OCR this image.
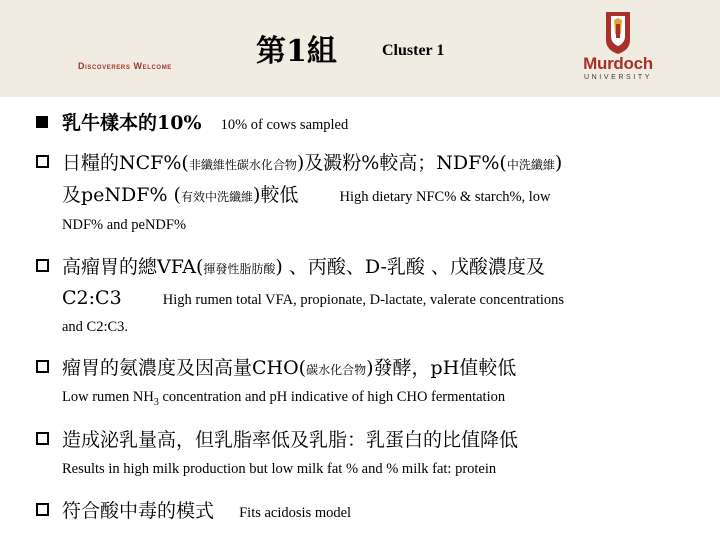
Discoverers Welcome	第1組	Cluster 1
Murdoch
UNIVERSITY
乳牛樣本的10% 10% of cows sampled
日糧的NCF%(非纖維性碳水化合物)及澱粉%較高；NDF%(中洗纖維)
及peNDF% (有效中洗纖維)較低	High dietary NFC% & starch%, low
NDF% and peNDF%
高瘤胃的總VFA(揮發性脂肪酸) 、丙酸、D-乳酸 、戊酸濃度及
C2:C3	High rumen total VFA, propionate, D-lactate, valerate concentrations
and C2:C3.
瘤胃的氨濃度及因高量CHO(碳水化合物)發酵，pH值較低
Low rumen $NH_3$ concentration and pH indicative of high CHO fermentation
造成泌乳量高，但乳脂率低及乳脂：乳蛋白的比值降低
Results in high milk production but low milk fat % and % milk fat: protein
符合酸中毒的模式 Fits acidosis model
